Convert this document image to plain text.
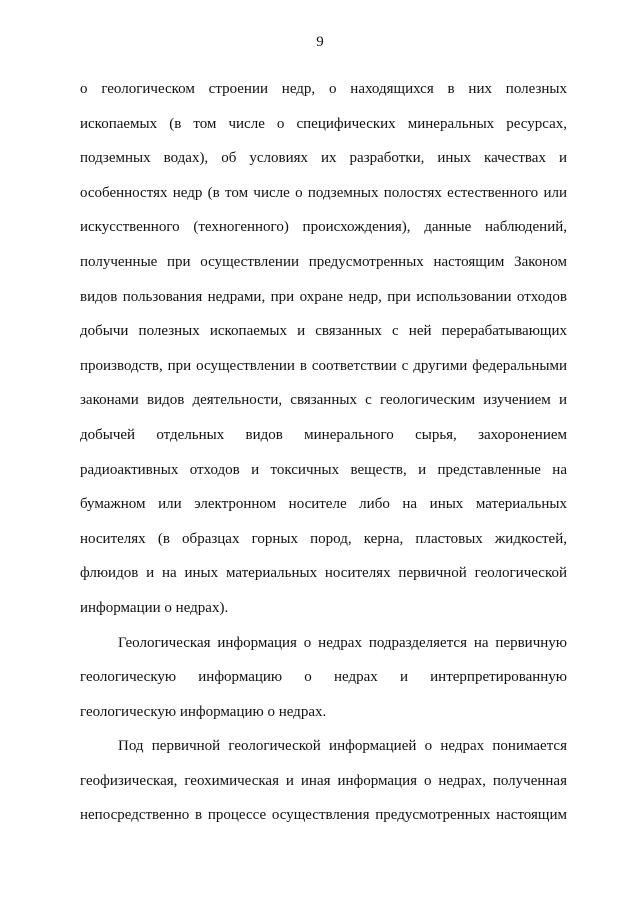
9
о геологическом строении недр, о находящихся в них полезных
ископаемых (в том числе о специфических минеральных ресурсах,
подземных водах), об условиях их разработки, иных качествах и
особенностях недр (в том числе о подземных полостях естественного или
искусственного (техногенного) происхождения), данные наблюдений,
полученные при осуществлении предусмотренных настоящим Законом
видов пользования недрами, при охране недр, при использовании отходов
добычи полезных ископаемых и связанных с ней перерабатывающих
производств, при осуществлении в соответствии с другими федеральными
законами видов деятельности, связанных с геологическим изучением и
добычей отдельных видов минерального сырья, захоронением
радиоактивных отходов и токсичных веществ, и представленные на
бумажном или электронном носителе либо на иных материальных
носителях (в образцах горных пород, керна, пластовых жидкостей,
флюидов и на иных материальных носителях первичной геологической
информации о недрах).
Геологическая информация о недрах подразделяется на первичную
геологическую информацию о недрах и интерпретированную
геологическую информацию о недрах.
Под первичной геологической информацией о недрах понимается
геофизическая, геохимическая и иная информация о недрах, полученная
непосредственно в процессе осуществления предусмотренных настоящим
